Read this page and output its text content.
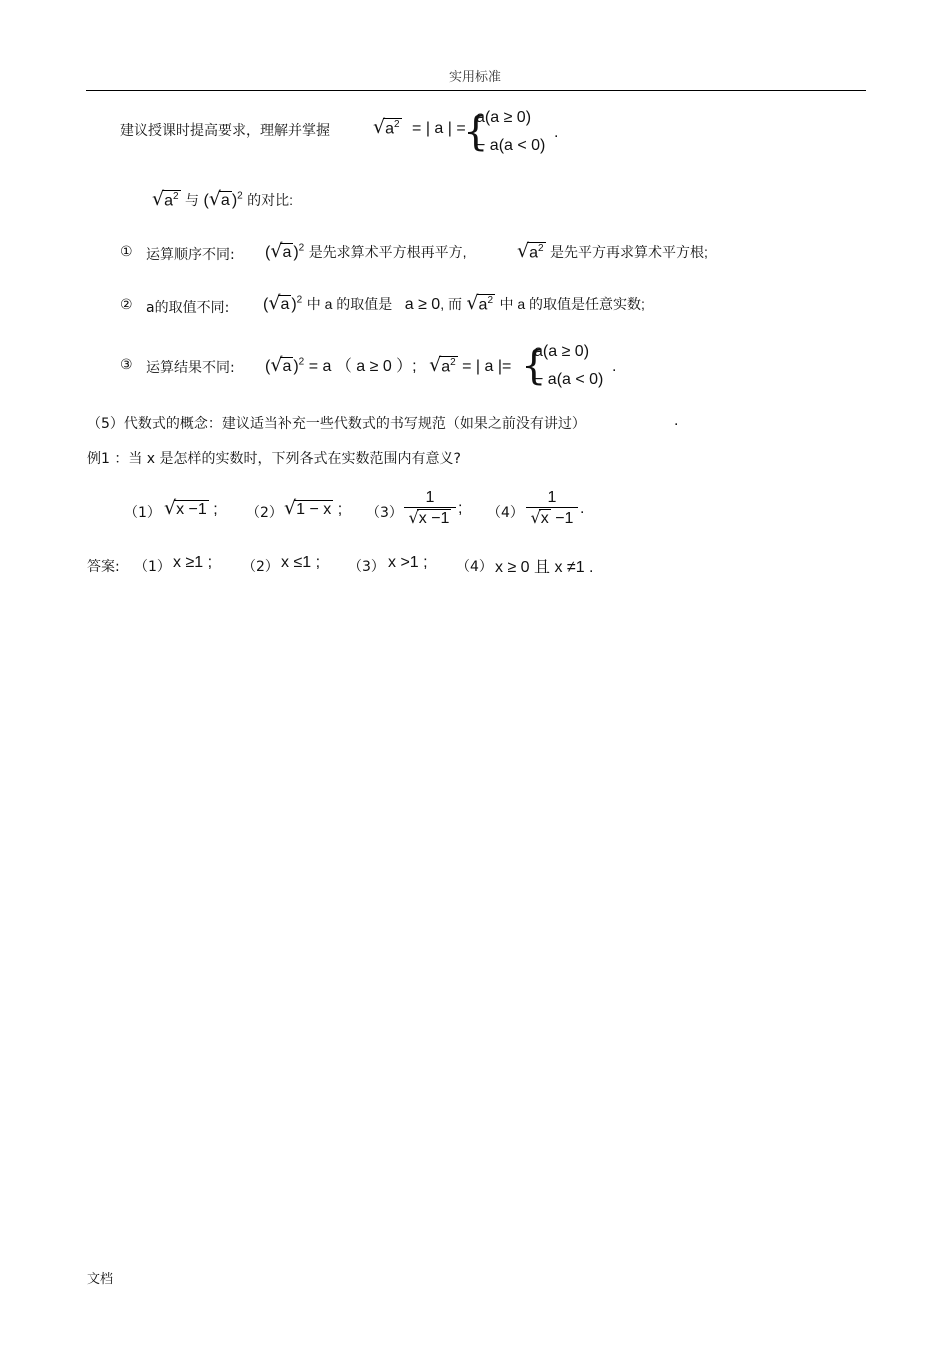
实用标准
文档
建议授课时提高要求，理解并掌握 $√a^2$ = | a | =
{
a(a ≥ 0)
− a(a < 0)
.
$√a^2$ 与 (√a )$^2$ 的对比:
① 运算顺序不同: (√a )$^2$ 是先求算术平方根再平方,	$√a^2$ 是先平方再求算术平方根;
② a的取值不同: (√a )$^2$ 中 a 的取值是 a ≥ 0, 而 $√a^2$ 中 a 的取值是任意实数;
③ 运算结果不同: (√a )$^2$ = a （ a ≥ 0 ）; $√a^2$ = | a |= {
a(a ≥ 0)
− a(a < 0)
.
（5）代数式的概念：建议适当补充一些代数式的书写规范（如果之前没有讲过）	.
例1 ：当 x 是怎样的实数时，下列各式在实数范围内有意义?
（1） √x −1 ; （2） √1 − x ; （3）
1
√x −1
; （4）
1
√x −1
.
答案: （1） x ≥1 ; （2） x ≤1 ; （3） x >1 ; （4） x ≥ 0 且 x ≠1 .
